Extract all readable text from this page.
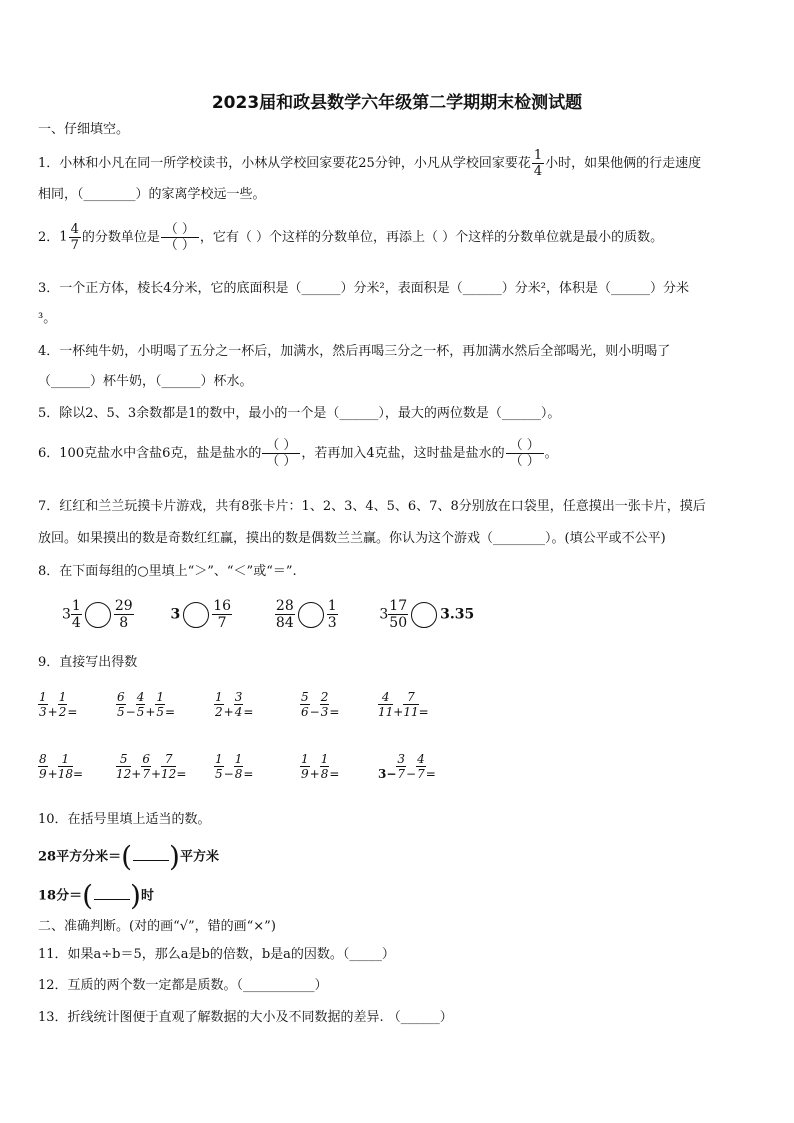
2023届和政县数学六年级第二学期期末检测试题
一、仔细填空。
1．小林和小凡在同一所学校读书，小林从学校回家要花25分钟，小凡从学校回家要花 $\frac{1}{4}$ 小时，如果他俩的行走速度
相同，（________）的家离学校远一些。
2．$1 \frac{4}{7}$ 的分数单位是 $\frac{( )}{( )}$ ，它有（ ）个这样的分数单位，再添上（ ）个这样的分数单位就是最小的质数。
3．一个正方体，棱长4分米，它的底面积是（______）分米²，表面积是（______）分米²，体积是（______）分米
³。
4．一杯纯牛奶，小明喝了五分之一杯后，加满水，然后再喝三分之一杯，再加满水然后全部喝光，则小明喝了
（______）杯牛奶，（______）杯水。
5．除以2、5、3余数都是1的数中，最小的一个是（______），最大的两位数是（______）。
6．100克盐水中含盐6克，盐是盐水的 $\frac{( )}{( )}$ ，若再加入4克盐，这时盐是盐水的 $\frac{( )}{( )}$ 。
7．红红和兰兰玩摸卡片游戏，共有8张卡片：1、2、3、4、5、6、7、8分别放在口袋里，任意摸出一张卡片，摸后
放回。如果摸出的数是奇数红红赢，摸出的数是偶数兰兰赢。你认为这个游戏（________）。(填公平或不公平)
8．在下面每组的○里填上“＞”、“＜”或“＝”.
$3 \frac{1}{4} \frac{29}{8}$	$3 \frac{16}{7}$
	$\frac{28}{84} \frac{1}{3}$	$3 \frac{17}{50} 3.35$
9．直接写出得数
$\frac{1}{3} + \frac{1}{2}$ =	$\frac{6}{5} - \frac{4}{5} + \frac{1}{5}$ =	$\frac{1}{2} + \frac{3}{4}$ =	$\frac{5}{6} - \frac{2}{3}$ =	$\frac{4}{11} + \frac{7}{11}$ =
$\frac{8}{9} + \frac{1}{18}$ =	$\frac{5}{12} + \frac{6}{7} + \frac{7}{12} = \frac{1}{5} - \frac{1}{8}$ =	$\frac{1}{9} + \frac{1}{8}$ =	$3- \frac{3}{7} - \frac{4}{7}$ =
10．在括号里填上适当的数。
28平方分米＝( )平方米
18分＝( )时
二、准确判断。(对的画“√”，错的画“×”)
11．如果a÷b＝5，那么a是b的倍数，b是a的因数。（_____）
12．互质的两个数一定都是质数。（___________）
13．折线统计图便于直观了解数据的大小及不同数据的差异. （______）
